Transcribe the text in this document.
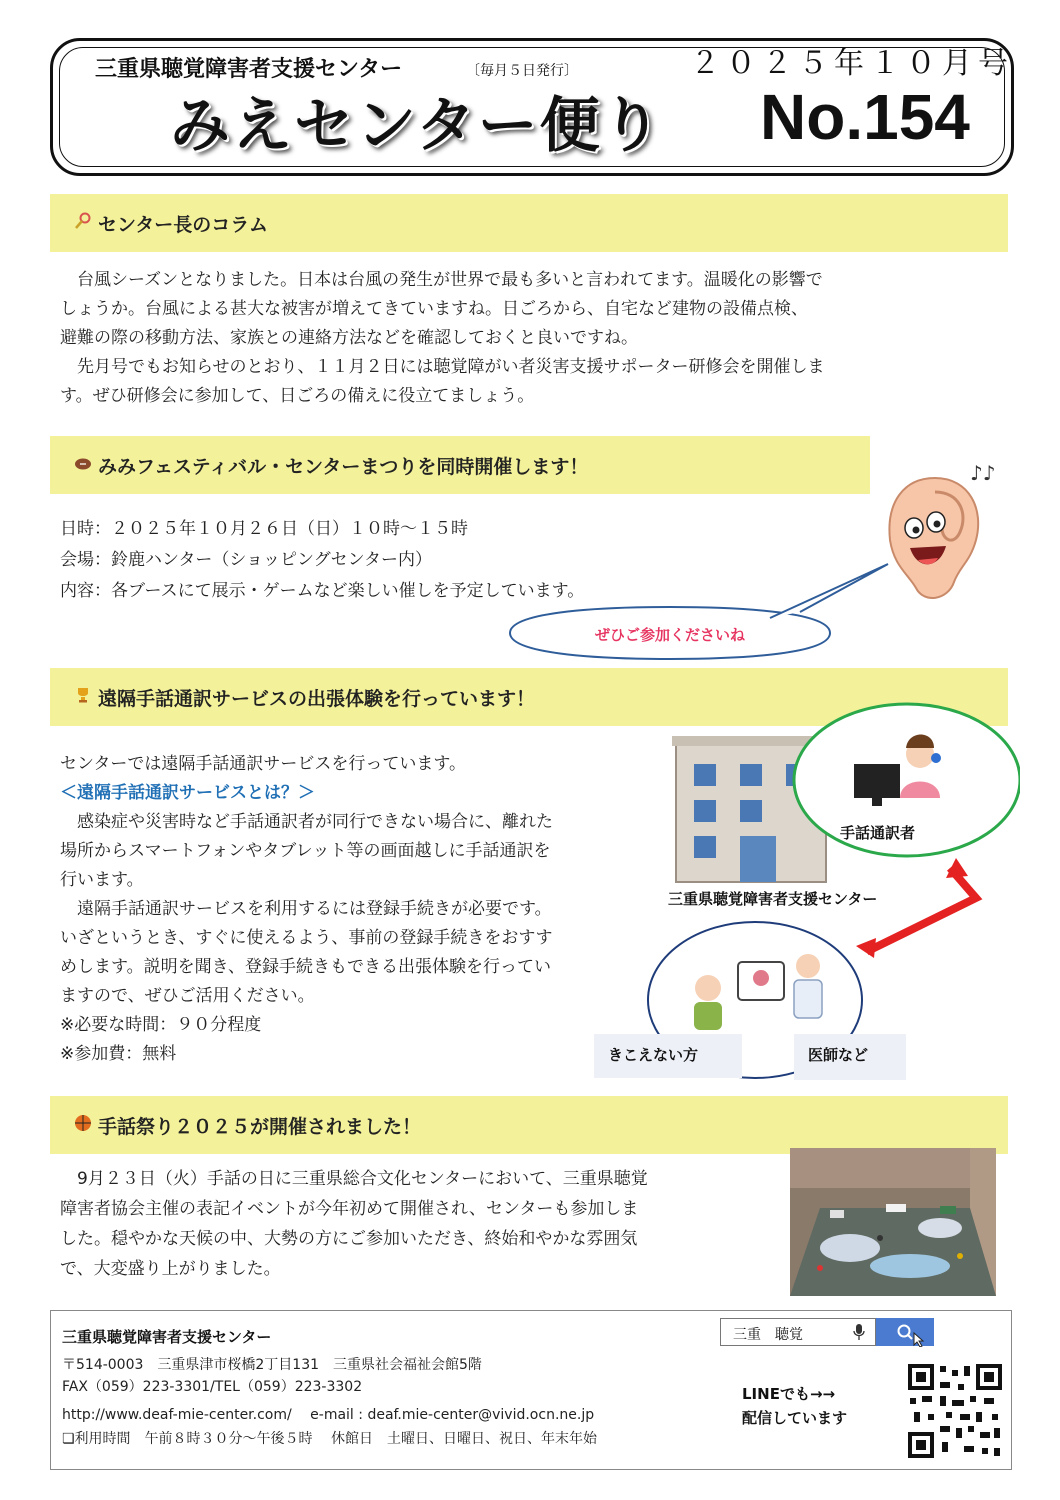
三重県聴覚障害者支援センター	〔毎月５日発行〕
みえセンター便り
２０２５年１０月号
No.154
センター長のコラム
　台風シーズンとなりました。日本は台風の発生が世界で最も多いと言われてます。温暖化の影響で
しょうか。台風による甚大な被害が増えてきていますね。日ごろから、自宅など建物の設備点検、
避難の際の移動方法、家族との連絡方法などを確認しておくと良いですね。
　先月号でもお知らせのとおり、１１月２日には聴覚障がい者災害支援サポーター研修会を開催しま
す。ぜひ研修会に参加して、日ごろの備えに役立てましょう。
みみフェスティバル・センターまつりを同時開催します！
日時：２０２５年１０月２６日（日）１０時～１５時
会場：鈴鹿ハンター（ショッピングセンター内）
内容：各ブースにて展示・ゲームなど楽しい催しを予定しています。
♪♪
ぜひご参加くださいね
遠隔手話通訳サービスの出張体験を行っています！
センターでは遠隔手話通訳サービスを行っています。
＜遠隔手話通訳サービスとは？＞
　感染症や災害時など手話通訳者が同行できない場合に、離れた
場所からスマートフォンやタブレット等の画面越しに手話通訳を
行います。
　遠隔手話通訳サービスを利用するには登録手続きが必要です。
いざというとき、すぐに使えるよう、事前の登録手続きをおすす
めします。説明を聞き、登録手続きもできる出張体験を行ってい
ますので、ぜひご活用ください。
※必要な時間：９０分程度
※参加費：無料
手話通訳者
三重県聴覚障害者支援センター
きこえない方	医師など
手話祭り２０２５が開催されました！
　9月２３日（火）手話の日に三重県総合文化センターにおいて、三重県聴覚
障害者協会主催の表記イベントが今年初めて開催され、センターも参加しま
した。穏やかな天候の中、大勢の方にご参加いただき、終始和やかな雰囲気
で、大変盛り上がりました。
三重県聴覚障害者支援センター
〒514-0003　三重県津市桜橋2丁目131　三重県社会福祉会館5階
FAX（059）223-3301/TEL（059）223-3302
http://www.deaf-mie-center.com/　 e-mail : deaf.mie-center@vivid.ocn.ne.jp
❏利用時間　午前８時３０分～午後５時　 休館日　土曜日、日曜日、祝日、年末年始
三重　聴覚
LINEでも→→
配信しています
